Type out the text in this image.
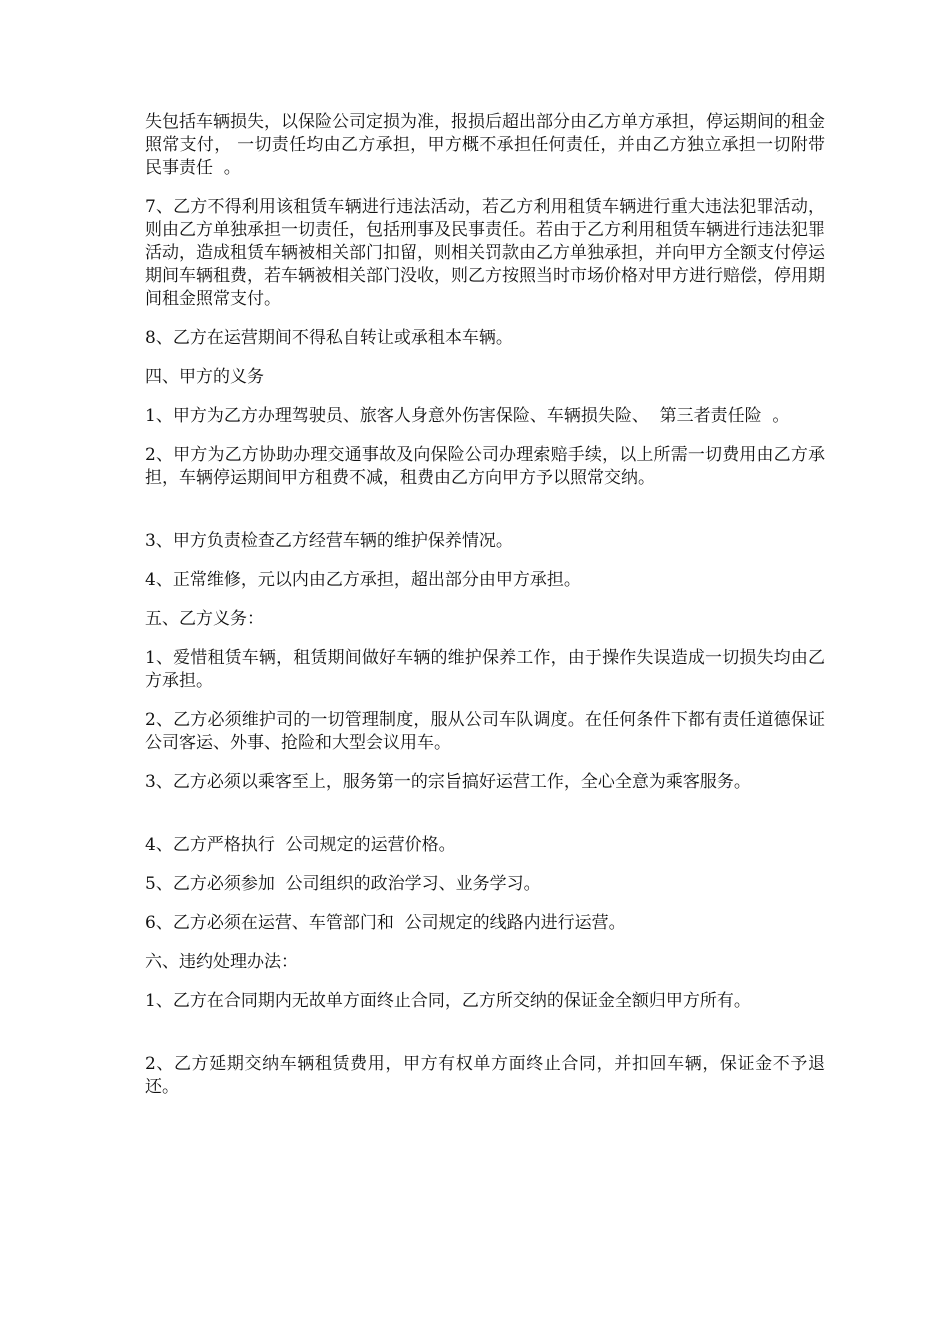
失包括车辆损失，以保险公司定损为准，报损后超出部分由乙方单方承担，停运期间的租金照常支付， 一切责任均由乙方承担，甲方概不承担任何责任，并由乙方独立承担一切附带  民事责任  。

7、乙方不得利用该租赁车辆进行违法活动，若乙方利用租赁车辆进行重大违法犯罪活动，则由乙方单独承担一切责任，包括刑事及民事责任。若由于乙方利用租赁车辆进行违法犯罪活动，造成租赁车辆被相关部门扣留，则相关罚款由乙方单独承担，并向甲方全额支付停运期间车辆租费，若车辆被相关部门没收，则乙方按照当时市场价格对甲方进行赔偿，停用期间租金照常支付。

8、乙方在运营期间不得私自转让或承租本车辆。

四、甲方的义务

1、甲方为乙方办理驾驶员、旅客人身意外伤害保险、车辆损失险、  第三者责任险  。

2、甲方为乙方协助办理交通事故及向保险公司办理索赔手续，以上所需一切费用由乙方承担，车辆停运期间甲方租费不减，租费由乙方向甲方予以照常交纳。

3、甲方负责检查乙方经营车辆的维护保养情况。

4、正常维修，元以内由乙方承担，超出部分由甲方承担。

五、乙方义务：

1、爱惜租赁车辆，租赁期间做好车辆的维护保养工作，由于操作失误造成一切损失均由乙方承担。

2、乙方必须维护司的一切管理制度，服从公司车队调度。在任何条件下都有责任道德保证公司客运、外事、抢险和大型会议用车。

3、乙方必须以乘客至上，服务第一的宗旨搞好运营工作，全心全意为乘客服务。

4、乙方严格执行  公司规定的运营价格。

5、乙方必须参加  公司组织的政治学习、业务学习。

6、乙方必须在运营、车管部门和  公司规定的线路内进行运营。

六、违约处理办法：

1、乙方在合同期内无故单方面终止合同，乙方所交纳的保证金全额归甲方所有。

2、乙方延期交纳车辆租赁费用，甲方有权单方面终止合同，并扣回车辆，保证金不予退还。
